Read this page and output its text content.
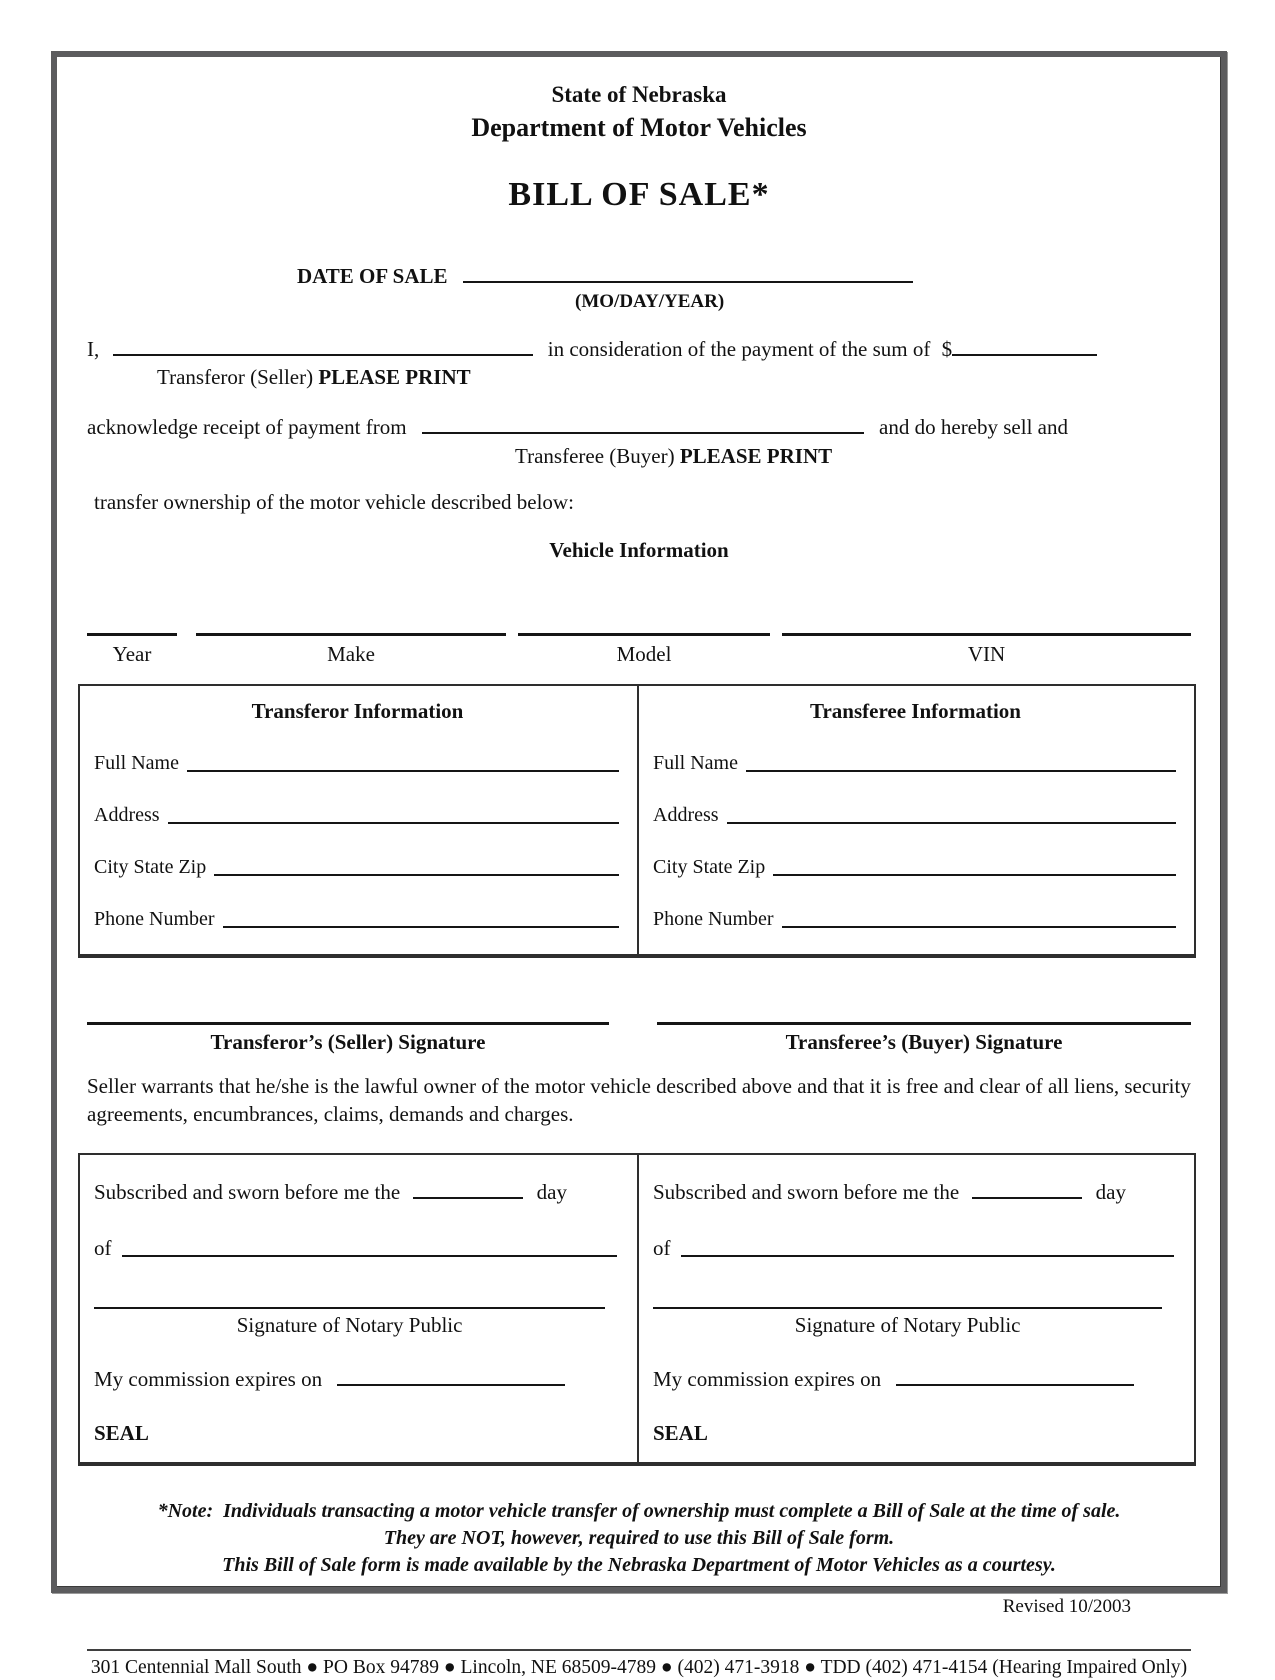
State of Nebraska
Department of Motor Vehicles
BILL OF SALE*
DATE OF SALE
(MO/DAY/YEAR)
I,	in consideration of the payment of the sum of $
Transferor (Seller) PLEASE PRINT
acknowledge receipt of payment from	and do hereby sell and
Transferee (Buyer) PLEASE PRINT
transfer ownership of the motor vehicle described below:
Vehicle Information
Year	Make	Model	VIN
Transferor Information
Full Name
Address
City State Zip
Phone Number
Transferee Information
Full Name
Address
City State Zip
Phone Number
Transferor’s (Seller) Signature	Transferee’s (Buyer) Signature
Seller warrants that he/she is the lawful owner of the motor vehicle described above and that it is free and clear of all liens, security agreements, encumbrances, claims, demands and charges.
Subscribed and sworn before me the	day
of
Signature of Notary Public
My commission expires on
SEAL
Subscribed and sworn before me the	day
of
Signature of Notary Public
My commission expires on
SEAL
*Note: Individuals transacting a motor vehicle transfer of ownership must complete a Bill of Sale at the time of sale.
They are NOT, however, required to use this Bill of Sale form.
This Bill of Sale form is made available by the Nebraska Department of Motor Vehicles as a courtesy.
Revised 10/2003
301 Centennial Mall South ● PO Box 94789 ● Lincoln, NE 68509-4789 ● (402) 471-3918 ● TDD (402) 471-4154 (Hearing Impaired Only)
